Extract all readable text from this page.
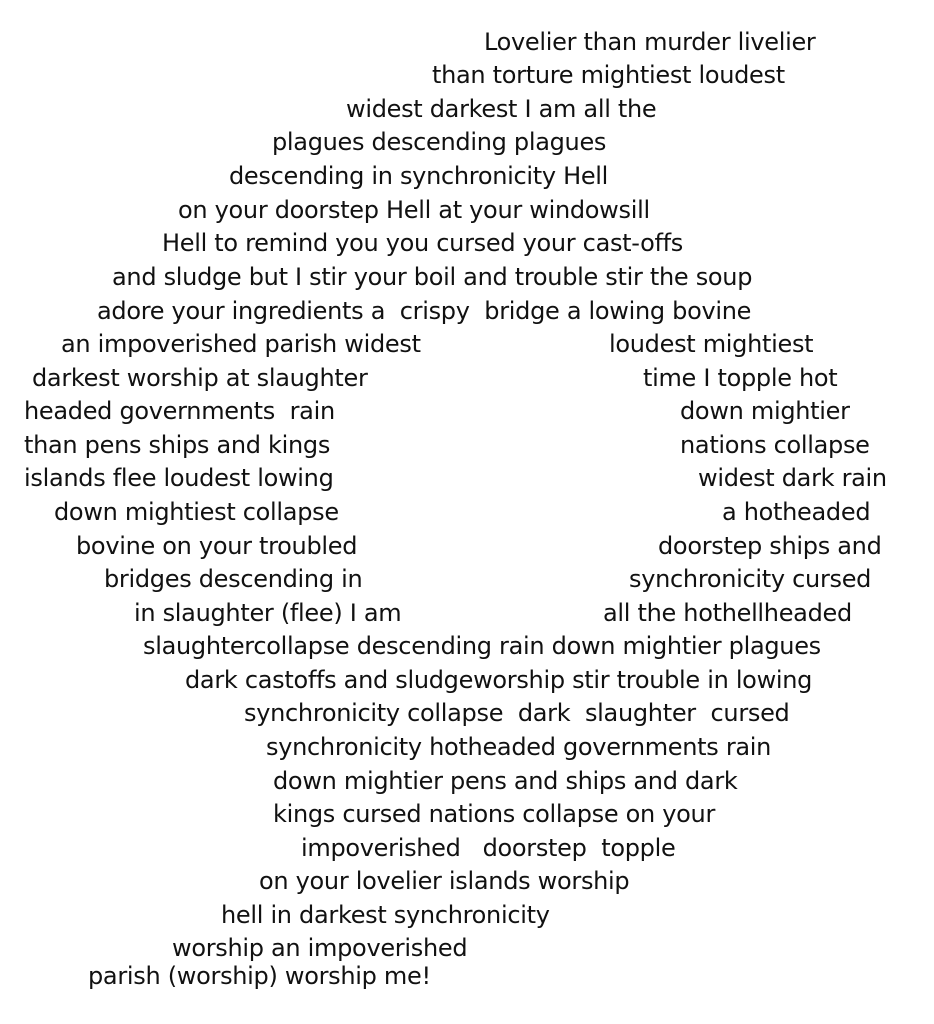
Lovelier than murder livelier
than torture mightiest loudest
widest darkest I am all the
plagues descending plagues
descending in synchronicity Hell
on your doorstep Hell at your windowsill
Hell to remind you you cursed your cast-offs
and sludge but I stir your boil and trouble stir the soup
adore your ingredients a  crispy  bridge a lowing bovine
an impoverished parish widest	loudest mightiest
darkest worship at slaughter	time I topple hot
headed governments  rain	down mightier
than pens ships and kings	nations collapse
islands flee loudest lowing	widest dark rain
down mightiest collapse	a hotheaded
bovine on your troubled	doorstep ships and
bridges descending in	synchronicity cursed
in slaughter (flee) I am	all the hothellheaded
slaughtercollapse descending rain down mightier plagues
dark castoffs and sludgeworship stir trouble in lowing
synchronicity collapse  dark  slaughter  cursed
synchronicity hotheaded governments rain
down mightier pens and ships and dark
kings cursed nations collapse on your
impoverished   doorstep  topple
on your lovelier islands worship
hell in darkest synchronicity
worship an impoverished
parish (worship) worship me!
